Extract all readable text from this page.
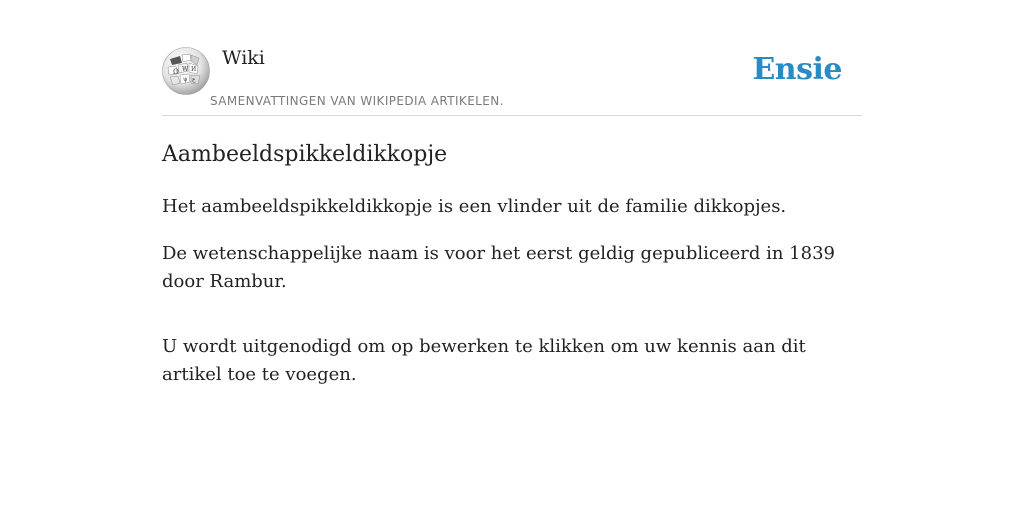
Ω W И
ψ ع
Wiki
SAMENVATTINGEN VAN WIKIPEDIA ARTIKELEN.
Ensie
Aambeeldspikkeldikkopje

Het aambeeldspikkeldikkopje is een vlinder uit de familie dikkopjes.

De wetenschappelijke naam is voor het eerst geldig gepubliceerd in 1839 door Rambur.

U wordt uitgenodigd om op bewerken te klikken om uw kennis aan dit artikel toe te voegen.
